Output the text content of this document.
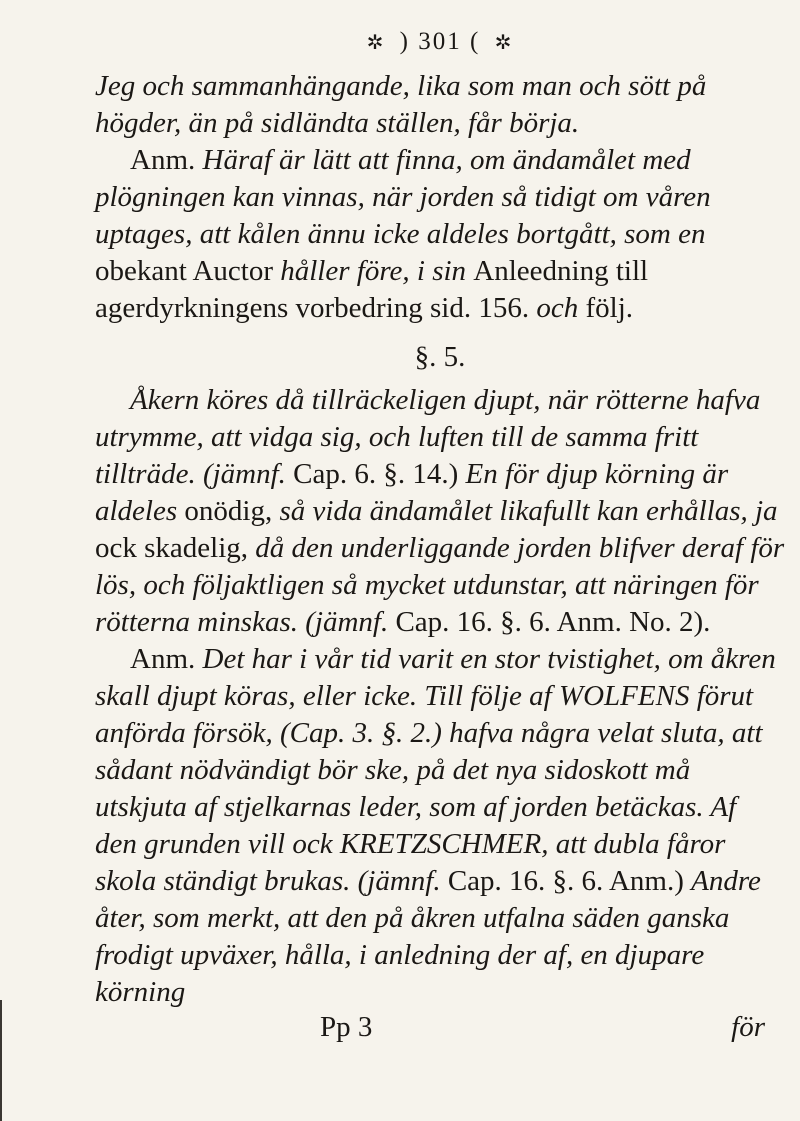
✲ ) 301 ( ✲

Jeg och sammanhängande, lika som man och sött på högder, än på sidländta ställen, får börja.

Anm. Häraf är lätt att finna, om ändamålet med plögningen kan vinnas, när jorden så tidigt om våren uptages, att kålen ännu icke aldeles bortgått, som en obekant Auctor håller före, i sin Anleedning till agerdyrkningens vorbedring sid. 156. och följ.

§. 5.

Åkern köres då tillräckeligen djupt, när rötterne hafva utrymme, att vidga sig, och luften till de samma fritt tillträde. (jämnf. Cap. 6. §. 14.) En för djup körning är aldeles onödig, så vida ändamålet likafullt kan erhållas, ja ock skadelig, då den underliggande jorden blifver deraf för lös, och följaktligen så mycket utdunstar, att näringen för rötterna minskas. (jämnf. Cap. 16. §. 6. Anm. No. 2).

Anm. Det har i vår tid varit en stor tvistighet, om åkren skall djupt köras, eller icke. Till följe af WOLFENS förut anförda försök, (Cap. 3. §. 2.) hafva några velat sluta, att sådant nödvändigt bör ske, på det nya sidoskott må utskjuta af stjelkarnas leder, som af jorden betäckas. Af den grunden vill ock KRETZSCHMER, att dubla fåror skola ständigt brukas. (jämnf. Cap. 16. §. 6. Anm.) Andre åter, som merkt, att den på åkren utfalna säden ganska frodigt upväxer, hålla, i anledning der af, en djupare körning

Pp 3	för
